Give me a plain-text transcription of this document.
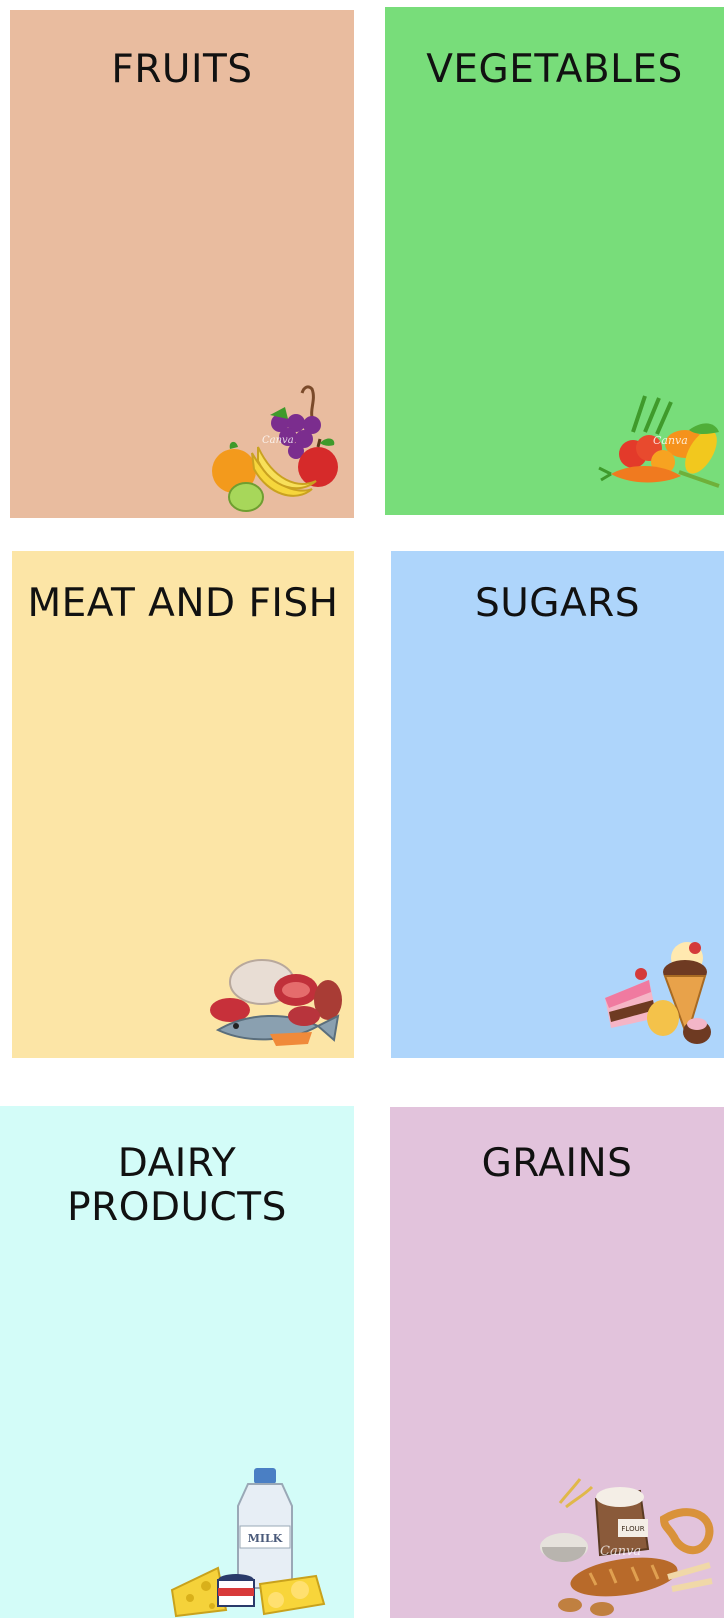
FRUITS
Canva
VEGETABLES
Canva
MEAT AND FISH	SUGARS
DAIRY
PRODUCTS
MILK
GRAINS
FLOUR
Canva
